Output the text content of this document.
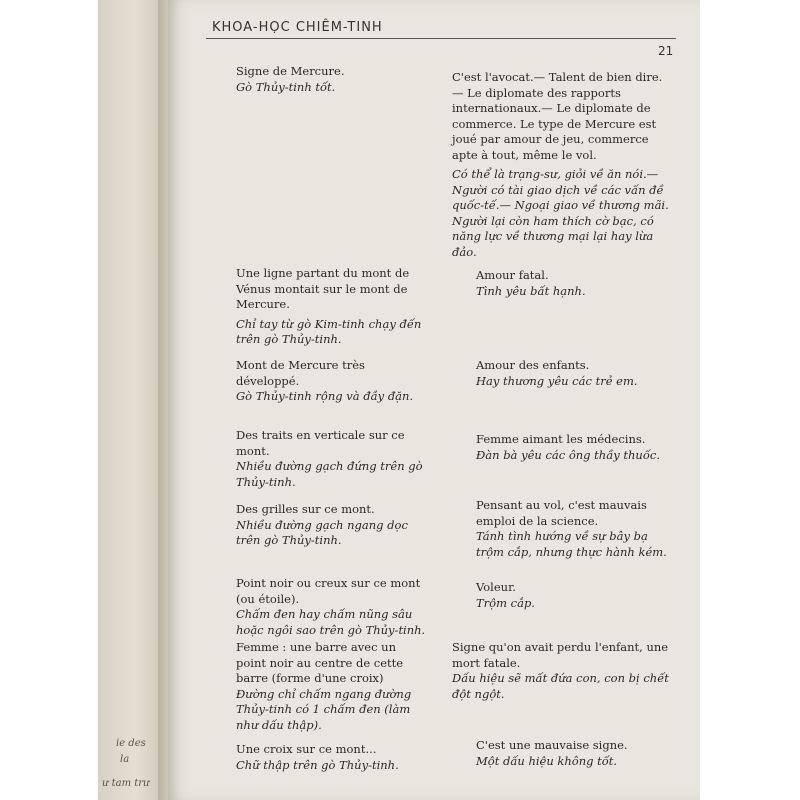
ie des
la
ư tam trư
KHOA-HỌC CHIÊM-TINH
21
Signe de Mercure.
Gò Thủy-tinh tốt.
C'est l'avocat.— Talent de bien dire.— Le diplomate des rapports internationaux.— Le diplomate de commerce. Le type de Mercure est joué par amour de jeu, commerce apte à tout, même le vol.
Có thể là trạng-sư, giỏi về ăn nói.— Người có tài giao dịch về các vấn đề quốc-tế.— Ngoại giao về thương mãi. Người lại còn ham thích cờ bạc, có năng lực về thương mại lại hay lừa đảo.
Une ligne partant du mont de Vénus montait sur le mont de Mercure.
Chỉ tay từ gò Kim-tinh chạy đến trên gò Thủy-tinh.
Amour fatal.
Tình yêu bất hạnh.
Mont de Mercure très développé.
Gò Thủy-tinh rộng và đầy đặn.
Amour des enfants.
Hay thương yêu các trẻ em.
Des traits en verticale sur ce mont.
Nhiều đường gạch đứng trên gò Thủy-tinh.
Femme aimant les médecins.
Đàn bà yêu các ông thầy thuốc.
Des grilles sur ce mont.
Nhiều đường gạch ngang dọc trên gò Thủy-tinh.
Pensant au vol, c'est mauvais emploi de la science.
Tánh tình hướng về sự bây bạ trộm cắp, nhưng thực hành kém.
Point noir ou creux sur ce mont (ou étoile).
Chấm đen hay chấm nũng sâu hoặc ngôi sao trên gò Thủy-tinh.
Voleur.
Trộm cắp.
Femme : une barre avec un point noir au centre de cette barre (forme d'une croix)
Đường chỉ chấm ngang đường Thủy-tinh có 1 chấm đen (làm như dấu thập).
Signe qu'on avait perdu l'enfant, une mort fatale.
Dấu hiệu sẽ mất đứa con, con bị chết đột ngột.
Une croix sur ce mont...
Chữ thập trên gò Thủy-tinh.
C'est une mauvaise signe.
Một dấu hiệu không tốt.
